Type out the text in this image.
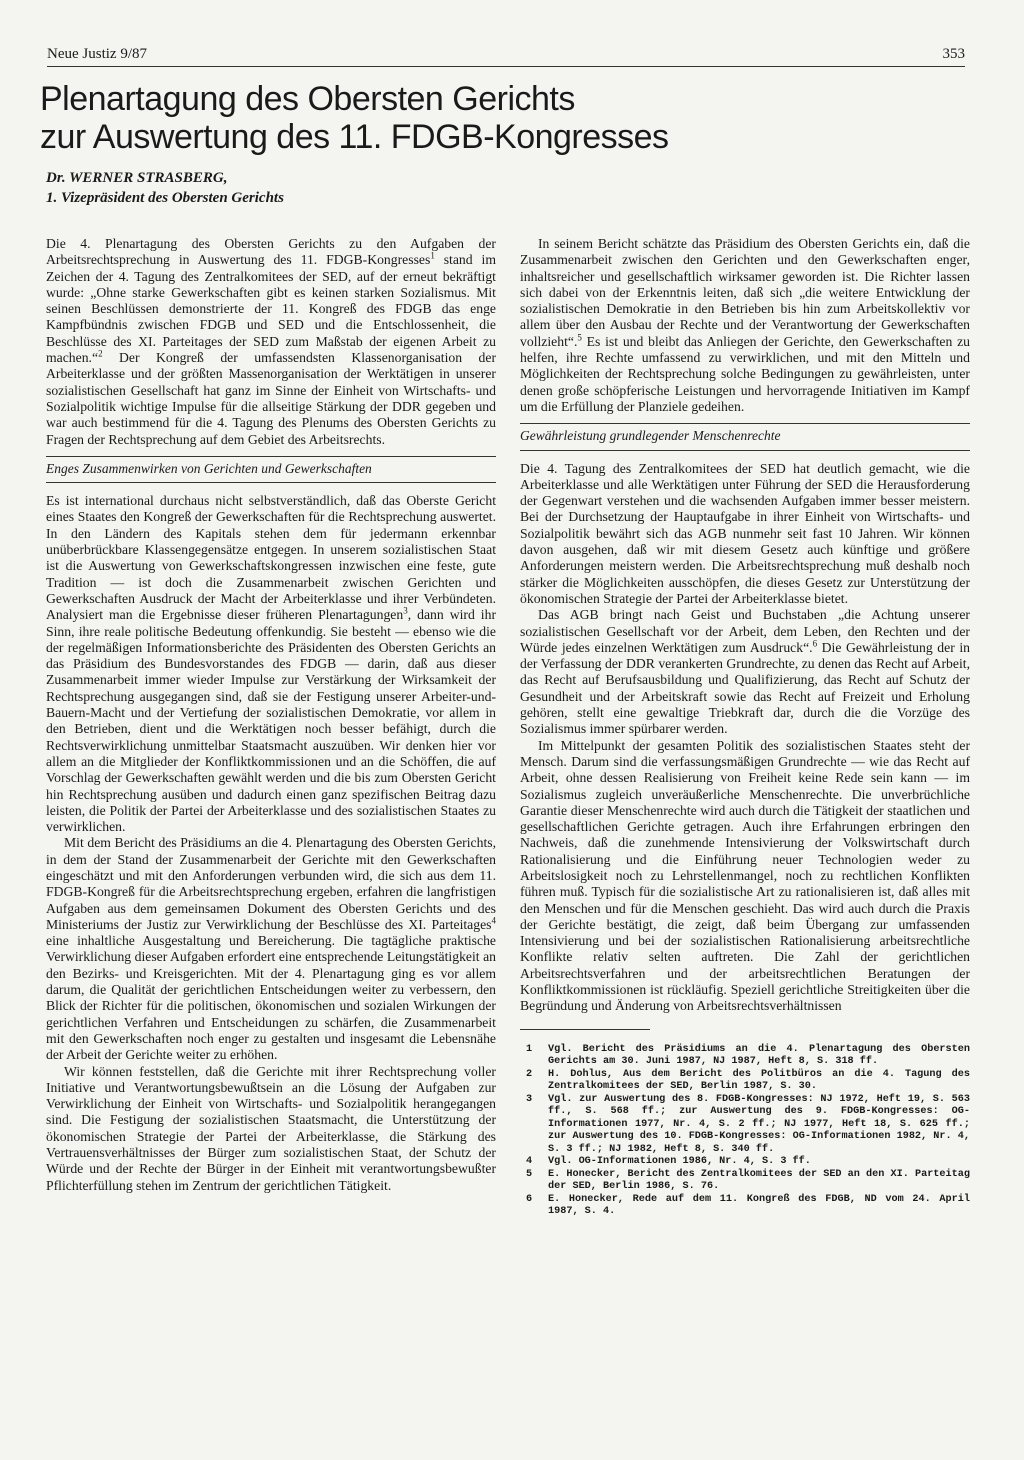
Neue Justiz 9/87	353
Plenartagung des Obersten Gerichts
zur Auswertung des 11. FDGB-Kongresses
Dr. WERNER STRASBERG,
1. Vizepräsident des Obersten Gerichts

Die 4. Plenartagung des Obersten Gerichts zu den Aufgaben der Arbeitsrechtsprechung in Auswertung des 11. FDGB-Kongresses$^1$ stand im Zeichen der 4. Tagung des Zentralkomitees der SED, auf der erneut bekräftigt wurde: „Ohne starke Gewerkschaften gibt es keinen starken Sozialismus. Mit seinen Beschlüssen demonstrierte der 11. Kongreß des FDGB das enge Kampfbündnis zwischen FDGB und SED und die Entschlossenheit, die Beschlüsse des XI. Parteitages der SED zum Maßstab der eigenen Arbeit zu machen.“$^2$ Der Kongreß der umfassendsten Klassenorganisation der Arbeiterklasse und der größten Massenorganisation der Werktätigen in unserer sozialistischen Gesellschaft hat ganz im Sinne der Einheit von Wirtschafts- und Sozialpolitik wichtige Impulse für die allseitige Stärkung der DDR gegeben und war auch bestimmend für die 4. Tagung des Plenums des Obersten Gerichts zu Fragen der Rechtsprechung auf dem Gebiet des Arbeitsrechts.

Enges Zusammenwirken von Gerichten und Gewerkschaften

Es ist international durchaus nicht selbstverständlich, daß das Oberste Gericht eines Staates den Kongreß der Gewerkschaften für die Rechtsprechung auswertet. In den Ländern des Kapitals stehen dem für jedermann erkennbar unüberbrückbare Klassengegensätze entgegen. In unserem sozialistischen Staat ist die Auswertung von Gewerkschaftskongressen inzwischen eine feste, gute Tradition — ist doch die Zusammenarbeit zwischen Gerichten und Gewerkschaften Ausdruck der Macht der Arbeiterklasse und ihrer Verbündeten. Analysiert man die Ergebnisse dieser früheren Plenartagungen$^3$, dann wird ihr Sinn, ihre reale politische Bedeutung offenkundig. Sie besteht — ebenso wie die der regelmäßigen Informationsberichte des Präsidenten des Obersten Gerichts an das Präsidium des Bundesvorstandes des FDGB — darin, daß aus dieser Zusammenarbeit immer wieder Impulse zur Verstärkung der Wirksamkeit der Rechtsprechung ausgegangen sind, daß sie der Festigung unserer Arbeiter-und-Bauern-Macht und der Vertiefung der sozialistischen Demokratie, vor allem in den Betrieben, dient und die Werktätigen noch besser befähigt, durch die Rechtsverwirklichung unmittelbar Staatsmacht auszuüben. Wir denken hier vor allem an die Mitglieder der Konfliktkommissionen und an die Schöffen, die auf Vorschlag der Gewerkschaften gewählt werden und die bis zum Obersten Gericht hin Rechtsprechung ausüben und dadurch einen ganz spezifischen Beitrag dazu leisten, die Politik der Partei der Arbeiterklasse und des sozialistischen Staates zu verwirklichen.

Mit dem Bericht des Präsidiums an die 4. Plenartagung des Obersten Gerichts, in dem der Stand der Zusammenarbeit der Gerichte mit den Gewerkschaften eingeschätzt und mit den Anforderungen verbunden wird, die sich aus dem 11. FDGB-Kongreß für die Arbeitsrechtsprechung ergeben, erfahren die langfristigen Aufgaben aus dem gemeinsamen Dokument des Obersten Gerichts und des Ministeriums der Justiz zur Verwirklichung der Beschlüsse des XI. Parteitages$^4$ eine inhaltliche Ausgestaltung und Bereicherung. Die tagtägliche praktische Verwirklichung dieser Aufgaben erfordert eine entsprechende Leitungstätigkeit an den Bezirks- und Kreisgerichten. Mit der 4. Plenartagung ging es vor allem darum, die Qualität der gerichtlichen Entscheidungen weiter zu verbessern, den Blick der Richter für die politischen, ökonomischen und sozialen Wirkungen der gerichtlichen Verfahren und Entscheidungen zu schärfen, die Zusammenarbeit mit den Gewerkschaften noch enger zu gestalten und insgesamt die Lebensnähe der Arbeit der Gerichte weiter zu erhöhen.

Wir können feststellen, daß die Gerichte mit ihrer Rechtsprechung voller Initiative und Verantwortungsbewußtsein an die Lösung der Aufgaben zur Verwirklichung der Einheit von Wirtschafts- und Sozialpolitik herangegangen sind. Die Festigung der sozialistischen Staatsmacht, die Unterstützung der ökonomischen Strategie der Partei der Arbeiterklasse, die Stärkung des Vertrauensverhältnisses der Bürger zum sozialistischen Staat, der Schutz der Würde und der Rechte der Bürger in der Einheit mit verantwortungsbewußter Pflichterfüllung stehen im Zentrum der gerichtlichen Tätigkeit.

In seinem Bericht schätzte das Präsidium des Obersten Gerichts ein, daß die Zusammenarbeit zwischen den Gerichten und den Gewerkschaften enger, inhaltsreicher und gesellschaftlich wirksamer geworden ist. Die Richter lassen sich dabei von der Erkenntnis leiten, daß sich „die weitere Entwicklung der sozialistischen Demokratie in den Betrieben bis hin zum Arbeitskollektiv vor allem über den Ausbau der Rechte und der Verantwortung der Gewerkschaften vollzieht“.$^5$ Es ist und bleibt das Anliegen der Gerichte, den Gewerkschaften zu helfen, ihre Rechte umfassend zu verwirklichen, und mit den Mitteln und Möglichkeiten der Rechtsprechung solche Bedingungen zu gewährleisten, unter denen große schöpferische Leistungen und hervorragende Initiativen im Kampf um die Erfüllung der Planziele gedeihen.

Gewährleistung grundlegender Menschenrechte

Die 4. Tagung des Zentralkomitees der SED hat deutlich gemacht, wie die Arbeiterklasse und alle Werktätigen unter Führung der SED die Herausforderung der Gegenwart verstehen und die wachsenden Aufgaben immer besser meistern. Bei der Durchsetzung der Hauptaufgabe in ihrer Einheit von Wirtschafts- und Sozialpolitik bewährt sich das AGB nunmehr seit fast 10 Jahren. Wir können davon ausgehen, daß wir mit diesem Gesetz auch künftige und größere Anforderungen meistern werden. Die Arbeitsrechtsprechung muß deshalb noch stärker die Möglichkeiten ausschöpfen, die dieses Gesetz zur Unterstützung der ökonomischen Strategie der Partei der Arbeiterklasse bietet.

Das AGB bringt nach Geist und Buchstaben „die Achtung unserer sozialistischen Gesellschaft vor der Arbeit, dem Leben, den Rechten und der Würde jedes einzelnen Werktätigen zum Ausdruck“.$^6$ Die Gewährleistung der in der Verfassung der DDR verankerten Grundrechte, zu denen das Recht auf Arbeit, das Recht auf Berufsausbildung und Qualifizierung, das Recht auf Schutz der Gesundheit und der Arbeitskraft sowie das Recht auf Freizeit und Erholung gehören, stellt eine gewaltige Triebkraft dar, durch die die Vorzüge des Sozialismus immer spürbarer werden.

Im Mittelpunkt der gesamten Politik des sozialistischen Staates steht der Mensch. Darum sind die verfassungsmäßigen Grundrechte — wie das Recht auf Arbeit, ohne dessen Realisierung von Freiheit keine Rede sein kann — im Sozialismus zugleich unveräußerliche Menschenrechte. Die unverbrüchliche Garantie dieser Menschenrechte wird auch durch die Tätigkeit der staatlichen und gesellschaftlichen Gerichte getragen. Auch ihre Erfahrungen erbringen den Nachweis, daß die zunehmende Intensivierung der Volkswirtschaft durch Rationalisierung und die Einführung neuer Technologien weder zu Arbeitslosigkeit noch zu Lehrstellenmangel, noch zu rechtlichen Konflikten führen muß. Typisch für die sozialistische Art zu rationalisieren ist, daß alles mit den Menschen und für die Menschen geschieht. Das wird auch durch die Praxis der Gerichte bestätigt, die zeigt, daß beim Übergang zur umfassenden Intensivierung und bei der sozialistischen Rationalisierung arbeitsrechtliche Konflikte relativ selten auftreten. Die Zahl der gerichtlichen Arbeitsrechtsverfahren und der arbeitsrechtlichen Beratungen der Konfliktkommissionen ist rückläufig. Speziell gerichtliche Streitigkeiten über die Begründung und Änderung von Arbeitsrechtsverhältnissen

1 Vgl. Bericht des Präsidiums an die 4. Plenartagung des Obersten Gerichts am 30. Juni 1987, NJ 1987, Heft 8, S. 318 ff.
2 H. Dohlus, Aus dem Bericht des Politbüros an die 4. Tagung des Zentralkomitees der SED, Berlin 1987, S. 30.
3 Vgl. zur Auswertung des 8. FDGB-Kongresses: NJ 1972, Heft 19, S. 563 ff., S. 568 ff.; zur Auswertung des 9. FDGB-Kongresses: OG-Informationen 1977, Nr. 4, S. 2 ff.; NJ 1977, Heft 18, S. 625 ff.; zur Auswertung des 10. FDGB-Kongresses: OG-Informationen 1982, Nr. 4, S. 3 ff.; NJ 1982, Heft 8, S. 340 ff.
4 Vgl. OG-Informationen 1986, Nr. 4, S. 3 ff.
5 E. Honecker, Bericht des Zentralkomitees der SED an den XI. Parteitag der SED, Berlin 1986, S. 76.
6 E. Honecker, Rede auf dem 11. Kongreß des FDGB, ND vom 24. April 1987, S. 4.
